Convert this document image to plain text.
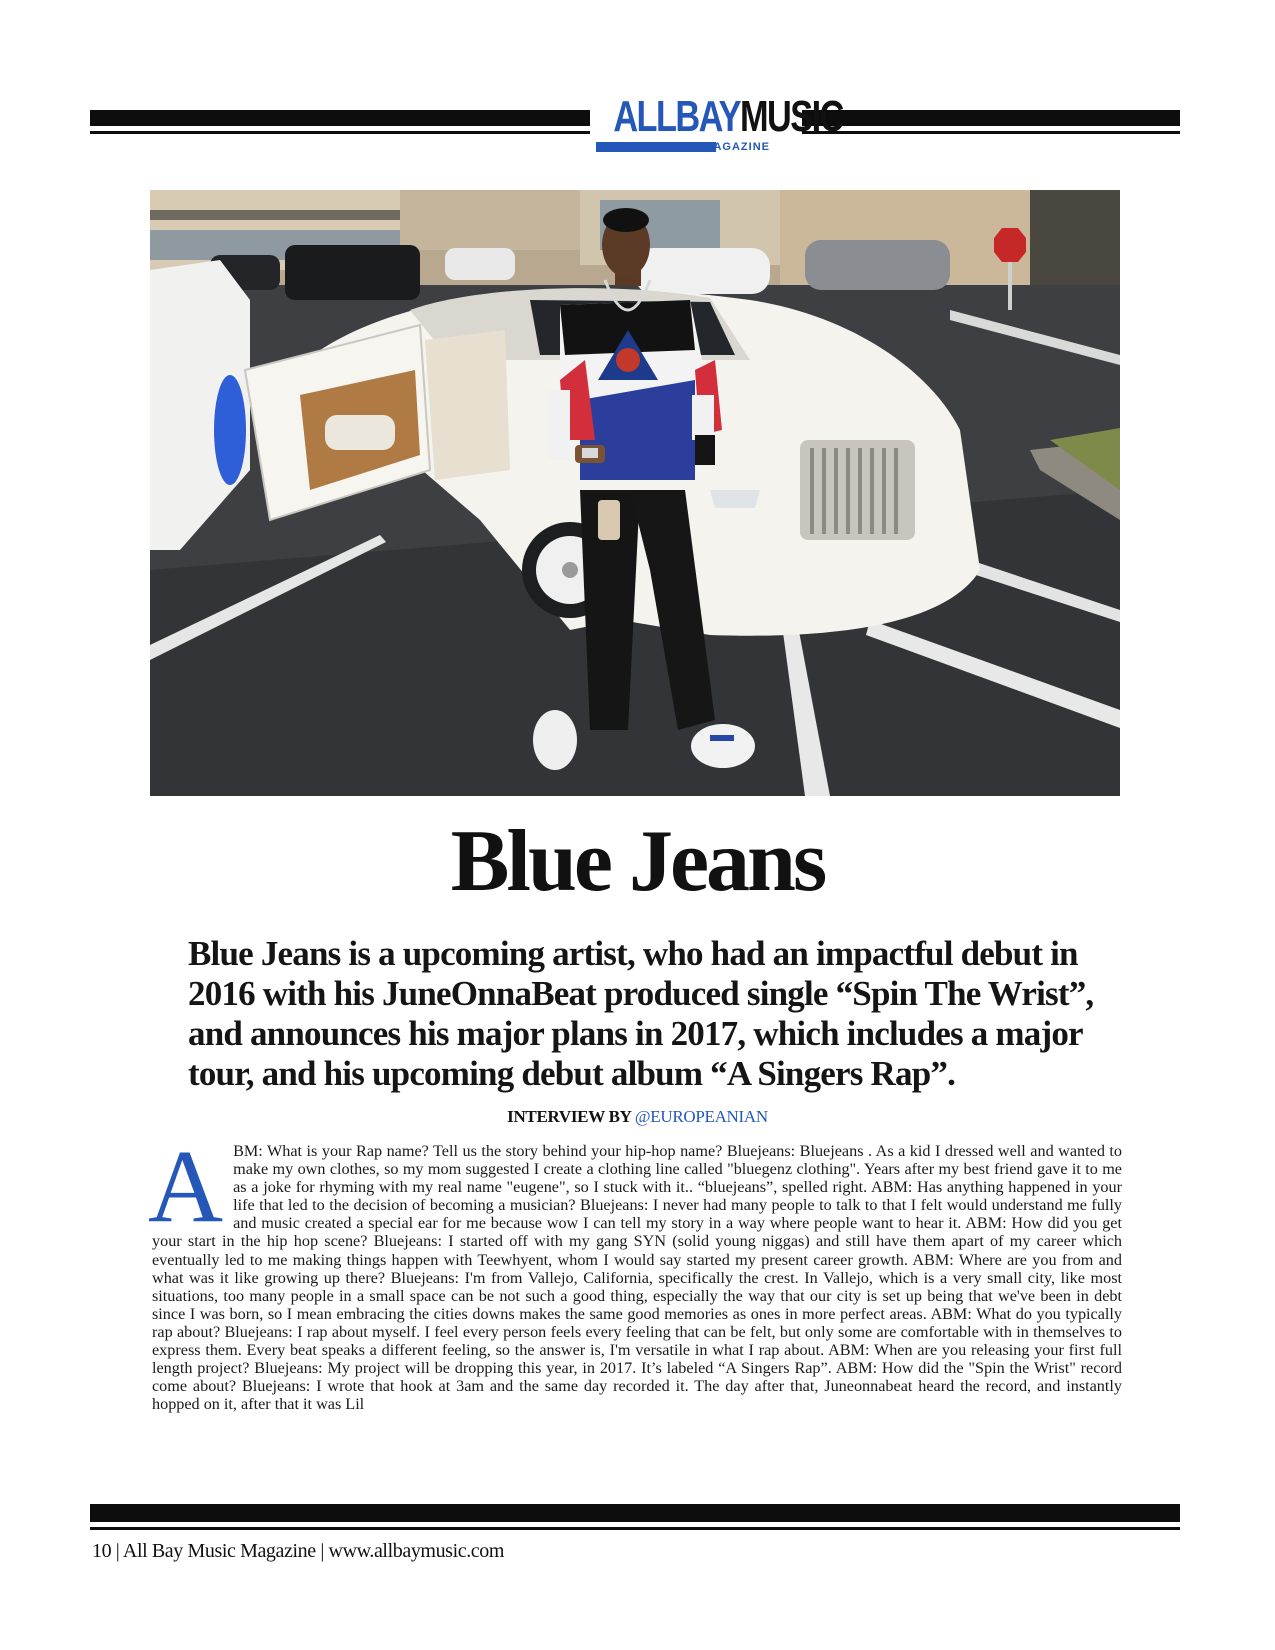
ALLBAYMUSIC
MAGAZINE
Blue Jeans
Blue Jeans is a upcoming artist, who had an impactful debut in 2016 with his JuneOnnaBeat produced single “Spin The Wrist”, and announces his major plans in 2017, which includes a major tour, and his upcoming debut album “A Singers Rap”.
INTERVIEW BY @EUROPEANIAN
ABM: What is your Rap name? Tell us the story behind your hip-hop name? Bluejeans: Bluejeans . As a kid I dressed well and wanted to make my own clothes, so my mom suggested I create a clothing line called "bluegenz clothing". Years after my best friend gave it to me as a joke for rhyming with my real name "eugene", so I stuck with it.. “bluejeans”, spelled right. ABM: Has anything happened in your life that led to the decision of becoming a musician? Bluejeans: I never had many people to talk to that I felt would understand me fully and music created a special ear for me because wow I can tell my story in a way where people want to hear it. ABM: How did you get your start in the hip hop scene? Bluejeans: I started off with my gang SYN (solid young niggas) and still have them apart of my career which eventually led to me making things happen with Teewhyent, whom I would say started my present career growth. ABM: Where are you from and what was it like growing up there? Bluejeans: I'm from Vallejo, California, specifically the crest. In Vallejo, which is a very small city, like most situations, too many people in a small space can be not such a good thing, especially the way that our city is set up being that we've been in debt since I was born, so I mean embracing the cities downs makes the same good memories as ones in more perfect areas. ABM: What do you typically rap about? Bluejeans: I rap about myself. I feel every person feels every feeling that can be felt, but only some are comfortable with in themselves to express them. Every beat speaks a different feeling, so the answer is, I'm versatile in what I rap about. ABM: When are you releasing your first full length project? Bluejeans: My project will be dropping this year, in 2017. It’s labeled “A Singers Rap”. ABM: How did the "Spin the Wrist" record come about? Bluejeans: I wrote that hook at 3am and the same day recorded it. The day after that, Juneonnabeat heard the record, and instantly hopped on it, after that it was Lil
10 | All Bay Music Magazine | www.allbaymusic.com
